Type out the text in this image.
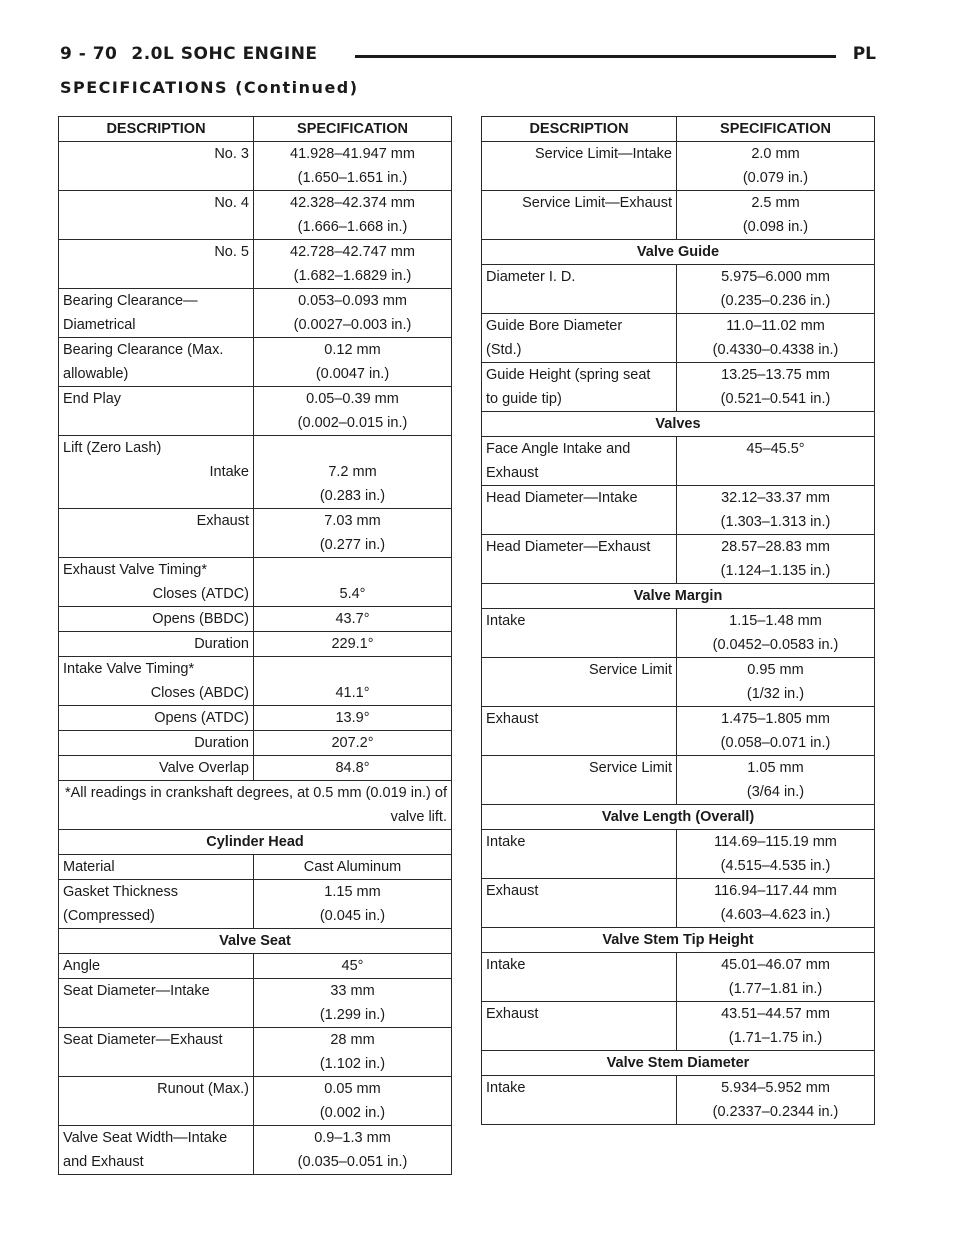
9 - 70 2.0L SOHC ENGINE	PL
SPECIFICATIONS (Continued)
DESCRIPTION	SPECIFICATION

No. 3	41.928–41.947 mm
(1.650–1.651 in.)

No. 4	42.328–42.374 mm
(1.666–1.668 in.)

No. 5	42.728–42.747 mm
(1.682–1.6829 in.)

Bearing Clearance—
Diametrical	0.053–0.093 mm
(0.0027–0.003 in.)

Bearing Clearance (Max.
allowable)	0.12 mm
(0.0047 in.)

End Play	0.05–0.39 mm
(0.002–0.015 in.)

Lift (Zero Lash)
Intake	7.2 mm
(0.283 in.)

Exhaust	7.03 mm
(0.277 in.)

Exhaust Valve Timing*
Closes (ATDC)	5.4°

Opens (BBDC)	43.7°

Duration	229.1°

Intake Valve Timing*
Closes (ABDC)	41.1°

Opens (ATDC)	13.9°

Duration	207.2°

Valve Overlap	84.8°

*All readings in crankshaft degrees, at 0.5 mm (0.019 in.) of valve lift.	
Cylinder Head	

Material	Cast Aluminum

Gasket Thickness
(Compressed)	1.15 mm
(0.045 in.)

Valve Seat	

Angle	45°

Seat Diameter—Intake	33 mm
(1.299 in.)

Seat Diameter—Exhaust	28 mm
(1.102 in.)

Runout (Max.)	0.05 mm
(0.002 in.)

Valve Seat Width—Intake
and Exhaust	0.9–1.3 mm
(0.035–0.051 in.)
DESCRIPTION	SPECIFICATION

Service Limit—Intake	2.0 mm
(0.079 in.)

Service Limit—Exhaust	2.5 mm
(0.098 in.)

Valve Guide	

Diameter I. D.	5.975–6.000 mm
(0.235–0.236 in.)

Guide Bore Diameter
(Std.)	11.0–11.02 mm
(0.4330–0.4338 in.)

Guide Height (spring seat
to guide tip)	13.25–13.75 mm
(0.521–0.541 in.)

Valves	

Face Angle Intake and
Exhaust	45–45.5°

Head Diameter—Intake	32.12–33.37 mm
(1.303–1.313 in.)

Head Diameter—Exhaust	28.57–28.83 mm
(1.124–1.135 in.)

Valve Margin	

Intake	1.15–1.48 mm
(0.0452–0.0583 in.)

Service Limit	0.95 mm
(1/32 in.)

Exhaust	1.475–1.805 mm
(0.058–0.071 in.)

Service Limit	1.05 mm
(3/64 in.)

Valve Length (Overall)	

Intake	114.69–115.19 mm
(4.515–4.535 in.)

Exhaust	116.94–117.44 mm
(4.603–4.623 in.)

Valve Stem Tip Height	

Intake	45.01–46.07 mm
(1.77–1.81 in.)

Exhaust	43.51–44.57 mm
(1.71–1.75 in.)

Valve Stem Diameter	

Intake	5.934–5.952 mm
(0.2337–0.2344 in.)
